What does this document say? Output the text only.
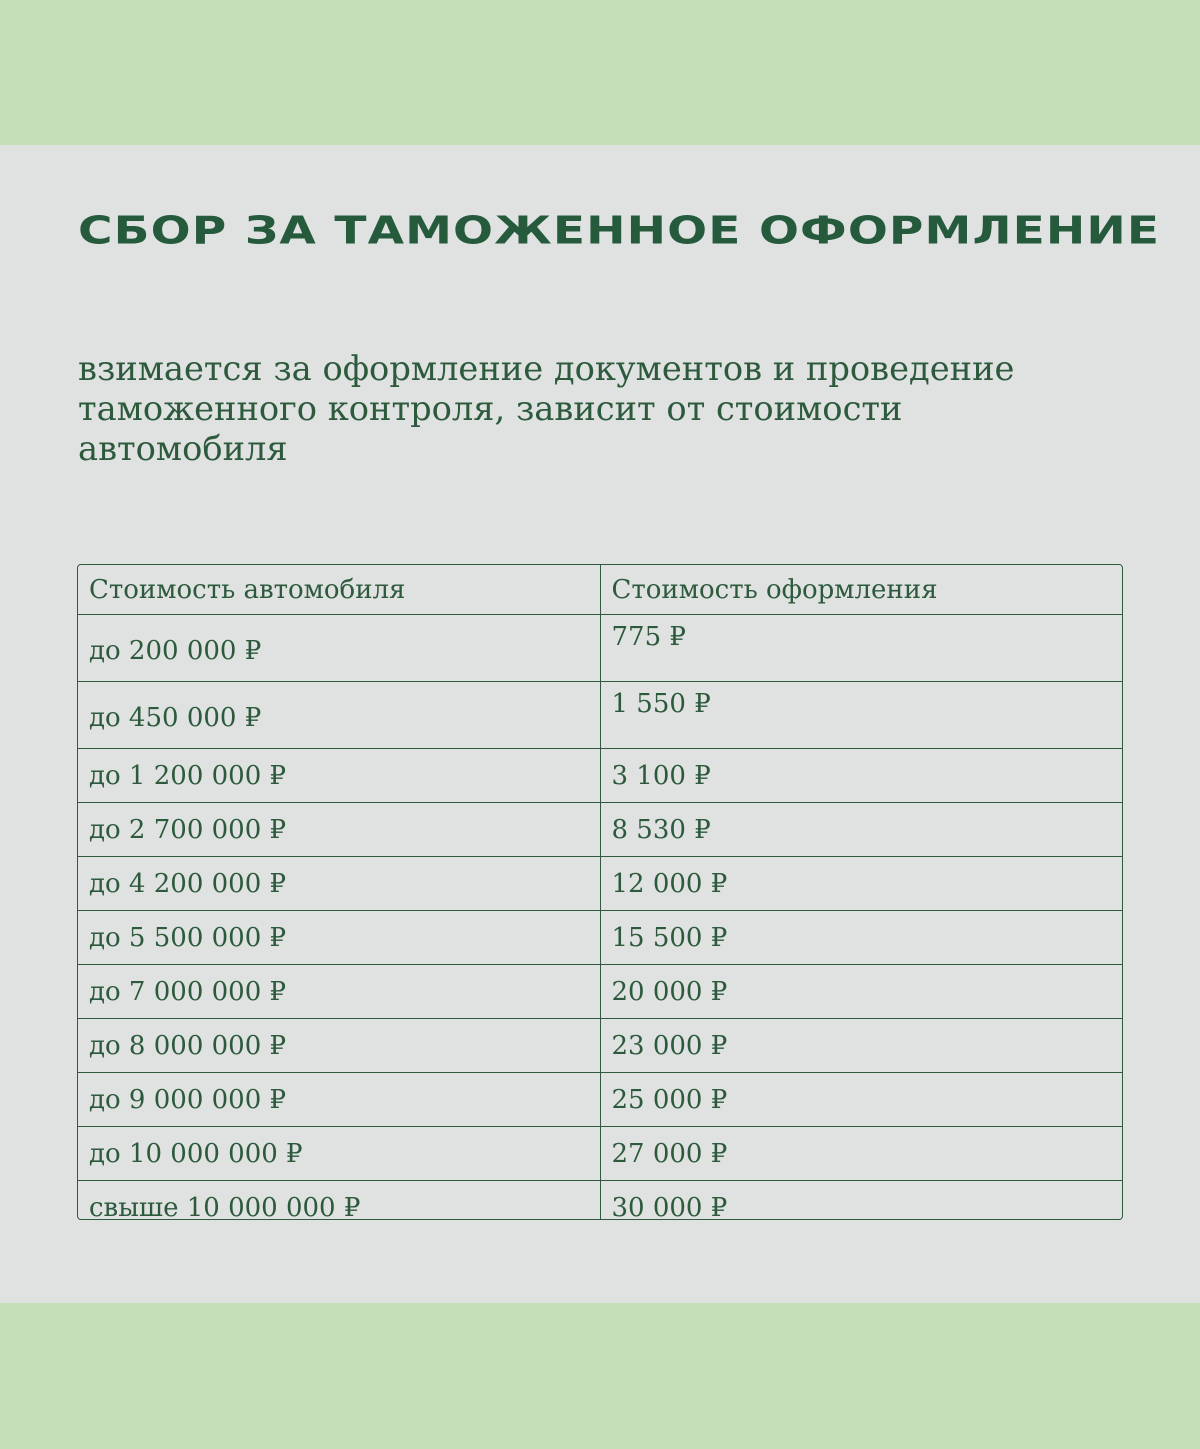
СБОР ЗА ТАМОЖЕННОЕ ОФОРМЛЕНИЕ

взимается за оформление документов и проведение таможенного контроля, зависит от стоимости автомобиля

Стоимость автомобиля	Стоимость оформления
до 200 000 ₽	775 ₽
до 450 000 ₽	1 550 ₽
до 1 200 000 ₽	3 100 ₽
до 2 700 000 ₽	8 530 ₽
до 4 200 000 ₽	12 000 ₽
до 5 500 000 ₽	15 500 ₽
до 7 000 000 ₽	20 000 ₽
до 8 000 000 ₽	23 000 ₽
до 9 000 000 ₽	25 000 ₽
до 10 000 000 ₽	27 000 ₽
свыше 10 000 000 ₽	30 000 ₽
